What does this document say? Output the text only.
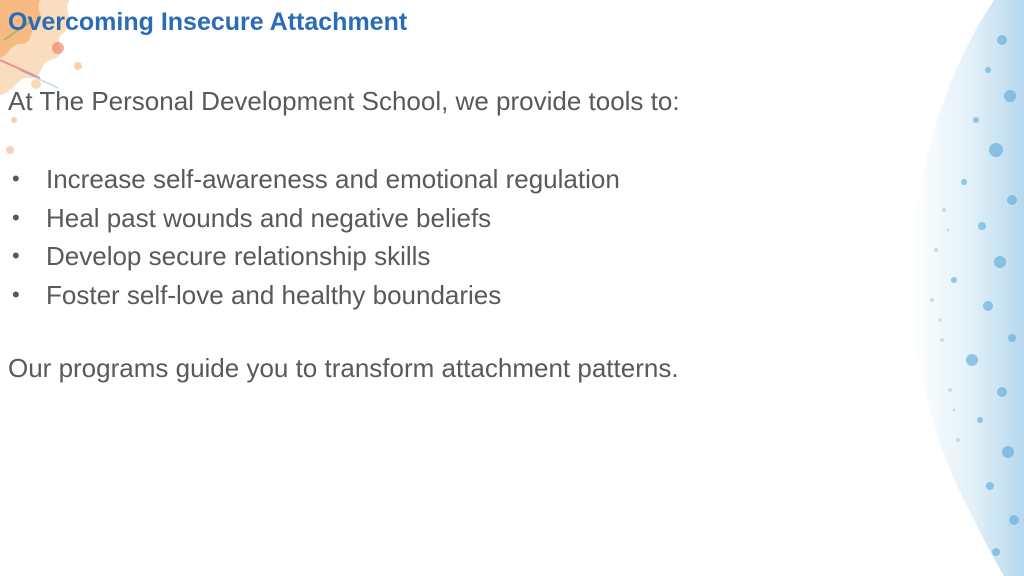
Overcoming Insecure Attachment
At The Personal Development School, we provide tools to:
• Increase self-awareness and emotional regulation
• Heal past wounds and negative beliefs
• Develop secure relationship skills
• Foster self-love and healthy boundaries
Our programs guide you to transform attachment patterns.
